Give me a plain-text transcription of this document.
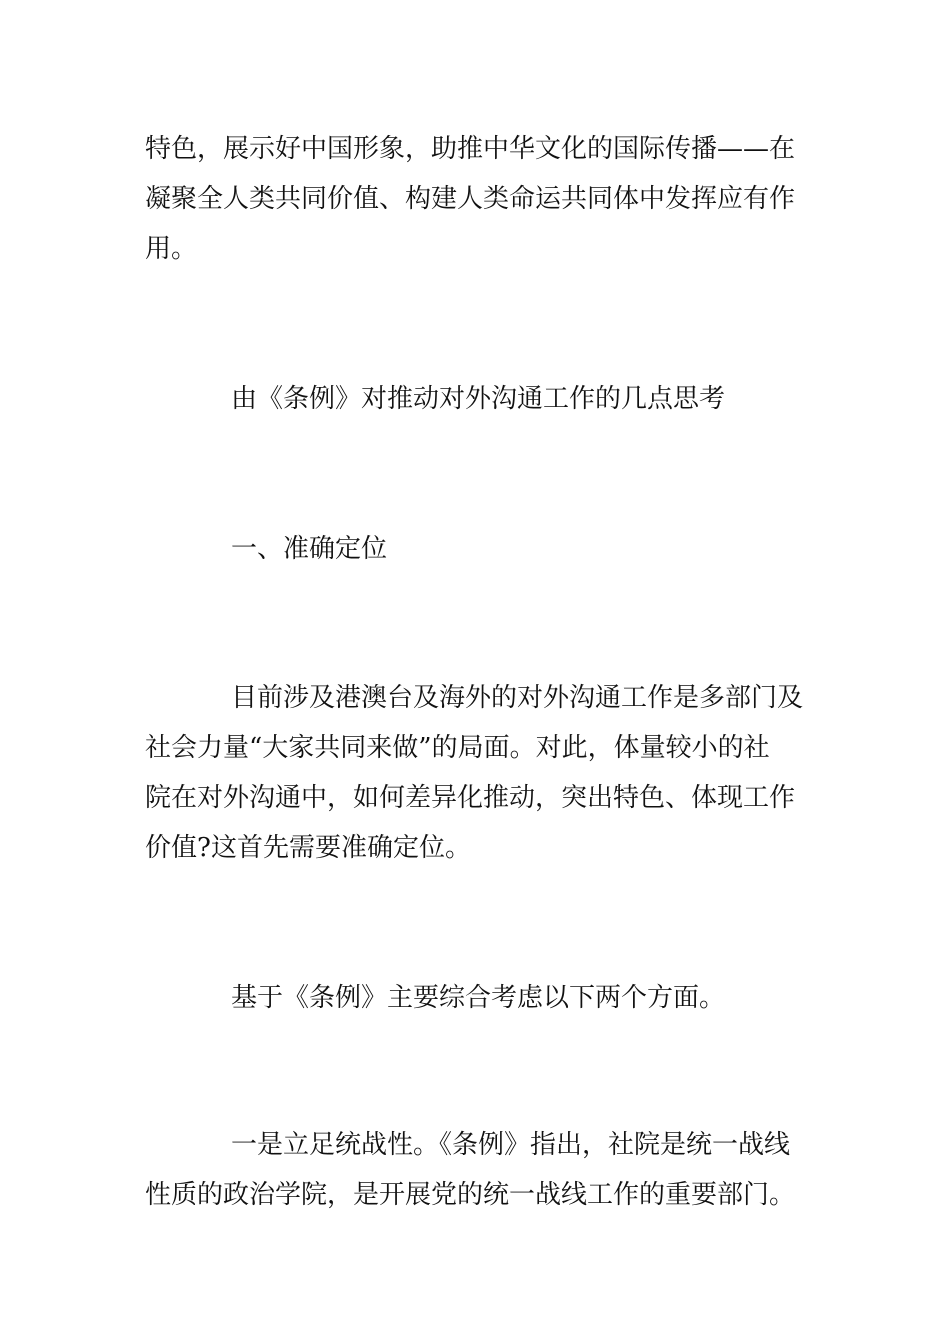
特色，展示好中国形象，助推中华文化的国际传播——在
凝聚全人类共同价值、构建人类命运共同体中发挥应有作
用。

由《条例》对推动对外沟通工作的几点思考

一、准确定位

目前涉及港澳台及海外的对外沟通工作是多部门及
社会力量“大家共同来做”的局面。对此，体量较小的社
院在对外沟通中，如何差异化推动，突出特色、体现工作
价值?这首先需要准确定位。

基于《条例》主要综合考虑以下两个方面。

一是立足统战性。《条例》指出，社院是统一战线
性质的政治学院，是开展党的统一战线工作的重要部门。
